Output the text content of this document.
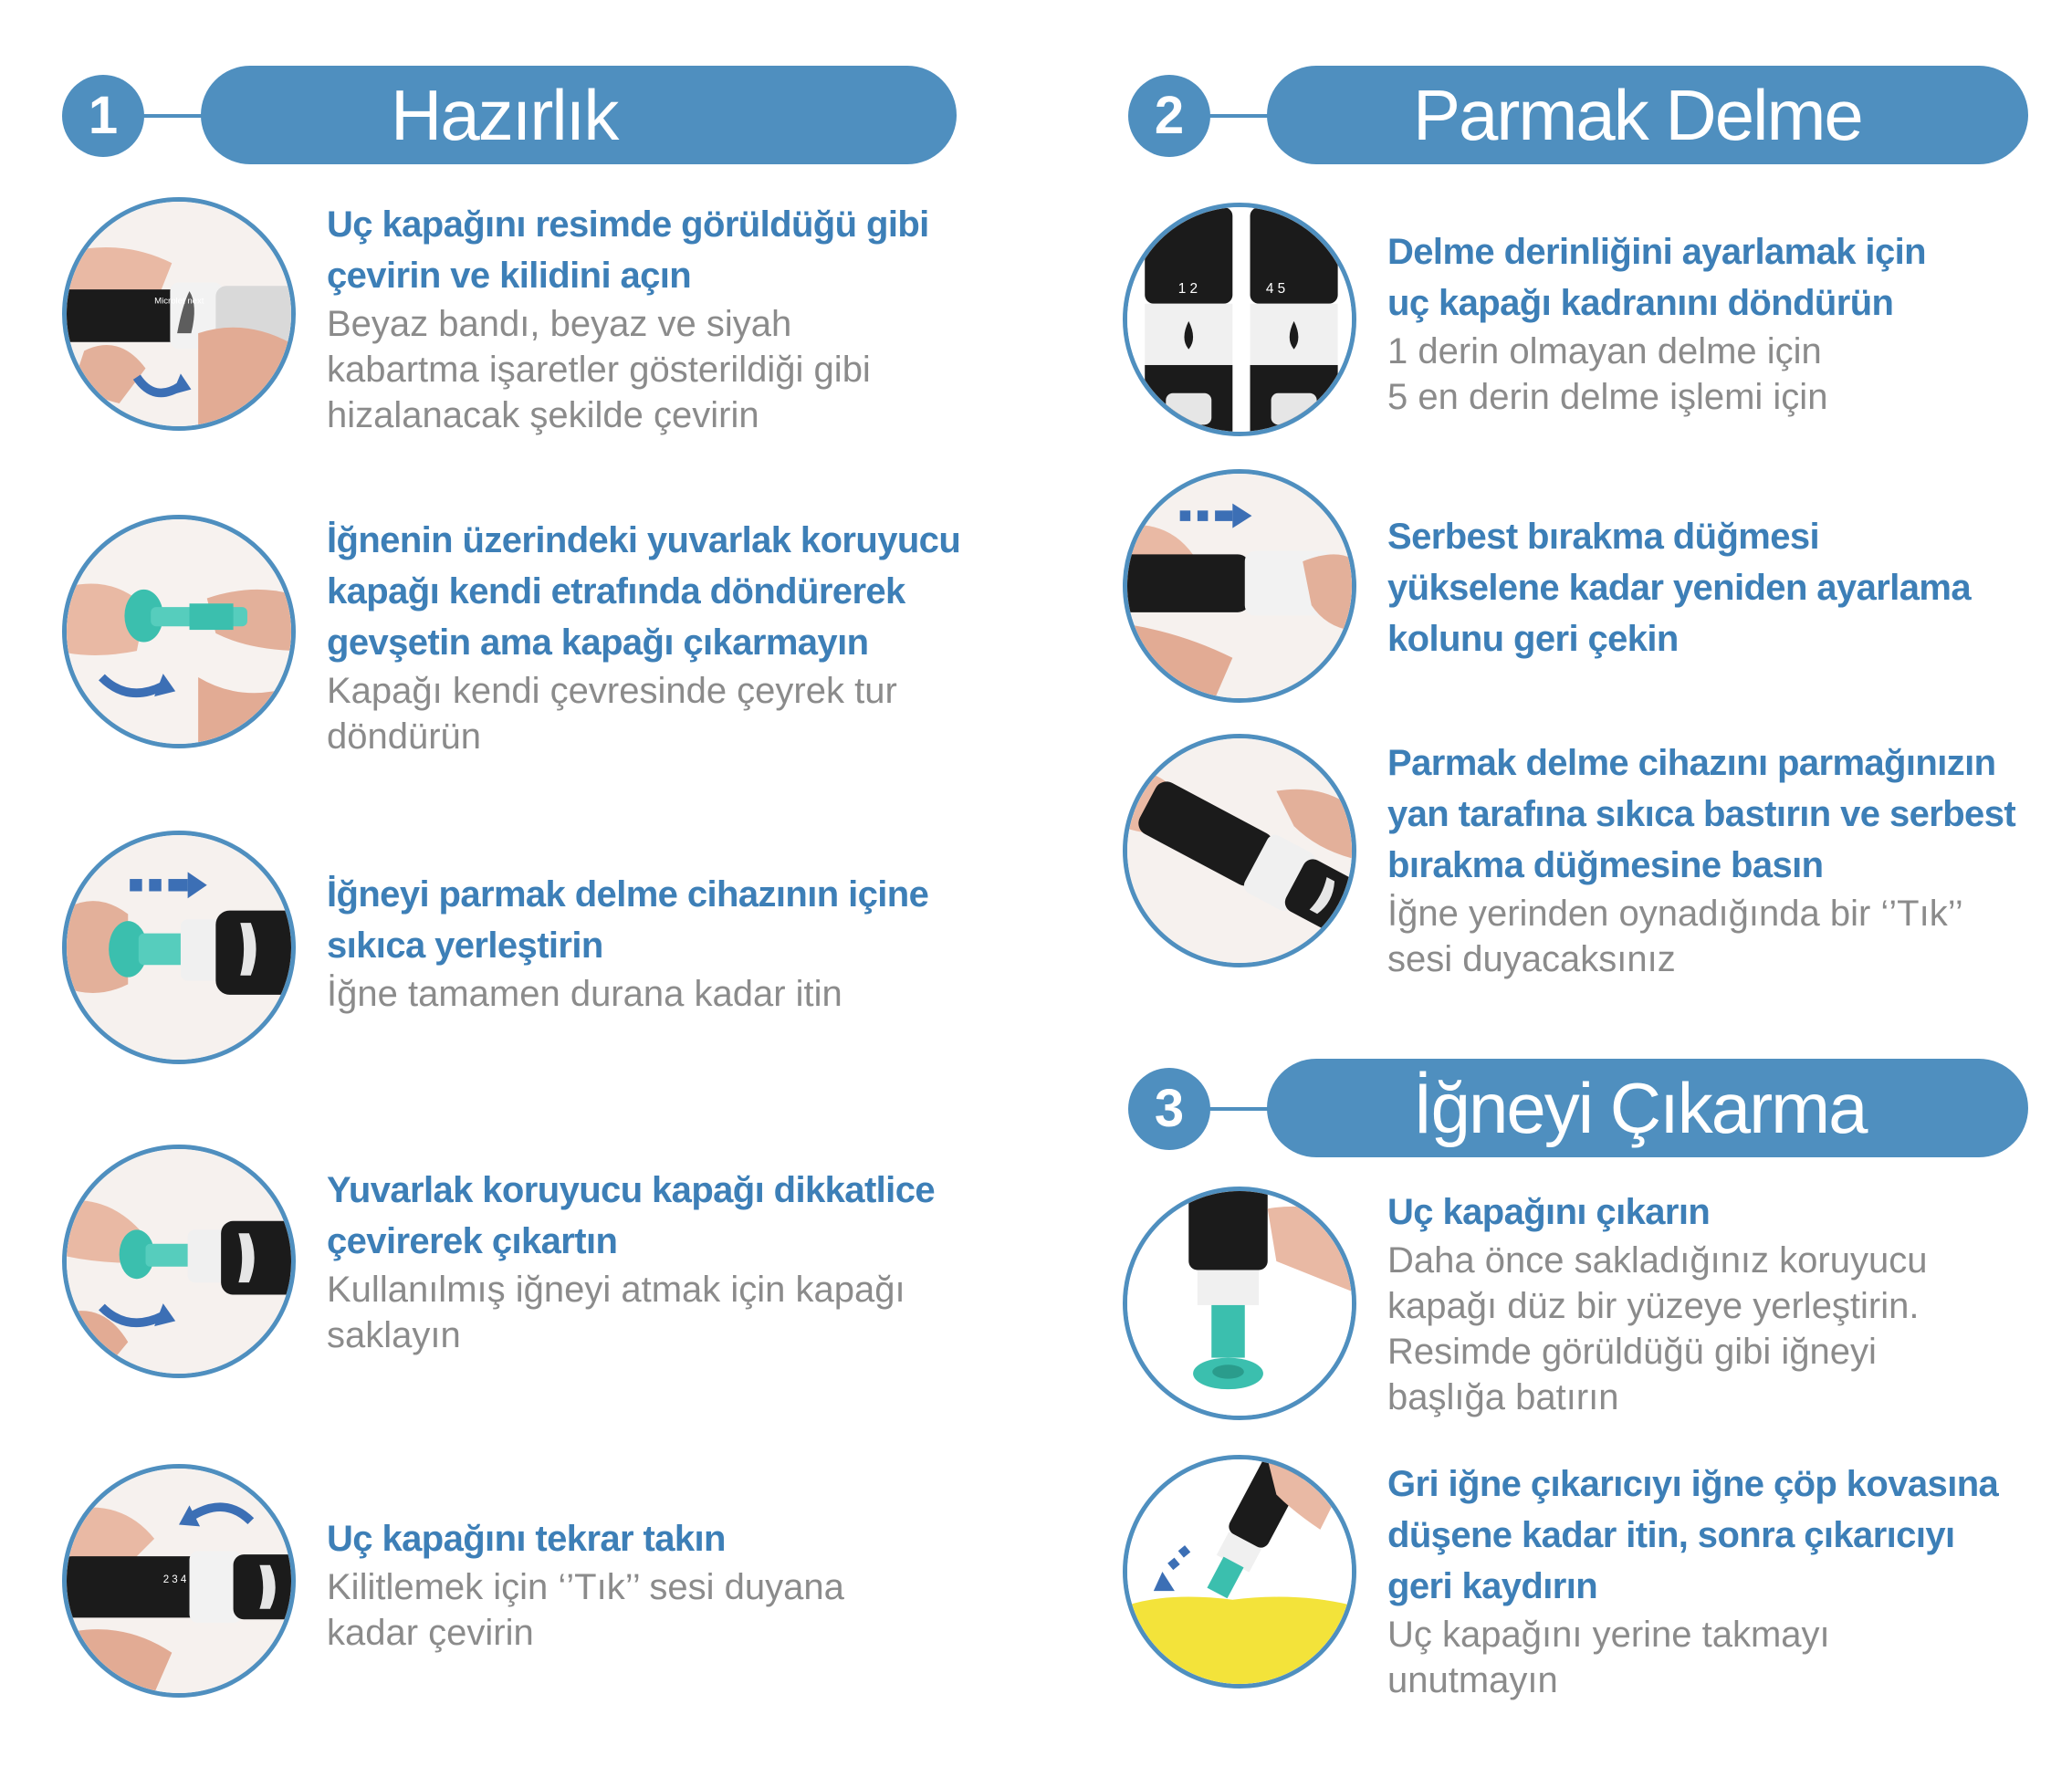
1	Hazırlık
Microlet next
Uç kapağını resimde görüldüğü gibi
çevirin ve kilidini açın
Beyaz bandı, beyaz ve siyah
kabartma işaretler gösterildiği gibi
hizalanacak şekilde çevirin
İğnenin üzerindeki yuvarlak koruyucu
kapağı kendi etrafında döndürerek
gevşetin ama kapağı çıkarmayın
Kapağı kendi çevresinde çeyrek tur
döndürün
İğneyi parmak delme cihazının içine
sıkıca yerleştirin
İğne tamamen durana kadar itin
Yuvarlak koruyucu kapağı dikkatlice
çevirerek çıkartın
Kullanılmış iğneyi atmak için kapağı
saklayın
2 3 4
Uç kapağını tekrar takın
Kilitlemek için ‘’Tık’’ sesi duyana
kadar çevirin
2	Parmak Delme
1 2	4 5
Delme derinliğini ayarlamak için
uç kapağı kadranını döndürün
1 derin olmayan delme için
5 en derin delme işlemi için
Serbest bırakma düğmesi
yükselene kadar yeniden ayarlama
kolunu geri çekin
Parmak delme cihazını parmağınızın
yan tarafına sıkıca bastırın ve serbest
bırakma düğmesine basın
İğne yerinden oynadığında bir ‘’Tık’’
sesi duyacaksınız
3	İğneyi Çıkarma
Uç kapağını çıkarın
Daha önce sakladığınız koruyucu
kapağı düz bir yüzeye yerleştirin.
Resimde görüldüğü gibi iğneyi
başlığa batırın
Gri iğne çıkarıcıyı iğne çöp kovasına
düşene kadar itin, sonra çıkarıcıyı
geri kaydırın
Uç kapağını yerine takmayı
unutmayın
